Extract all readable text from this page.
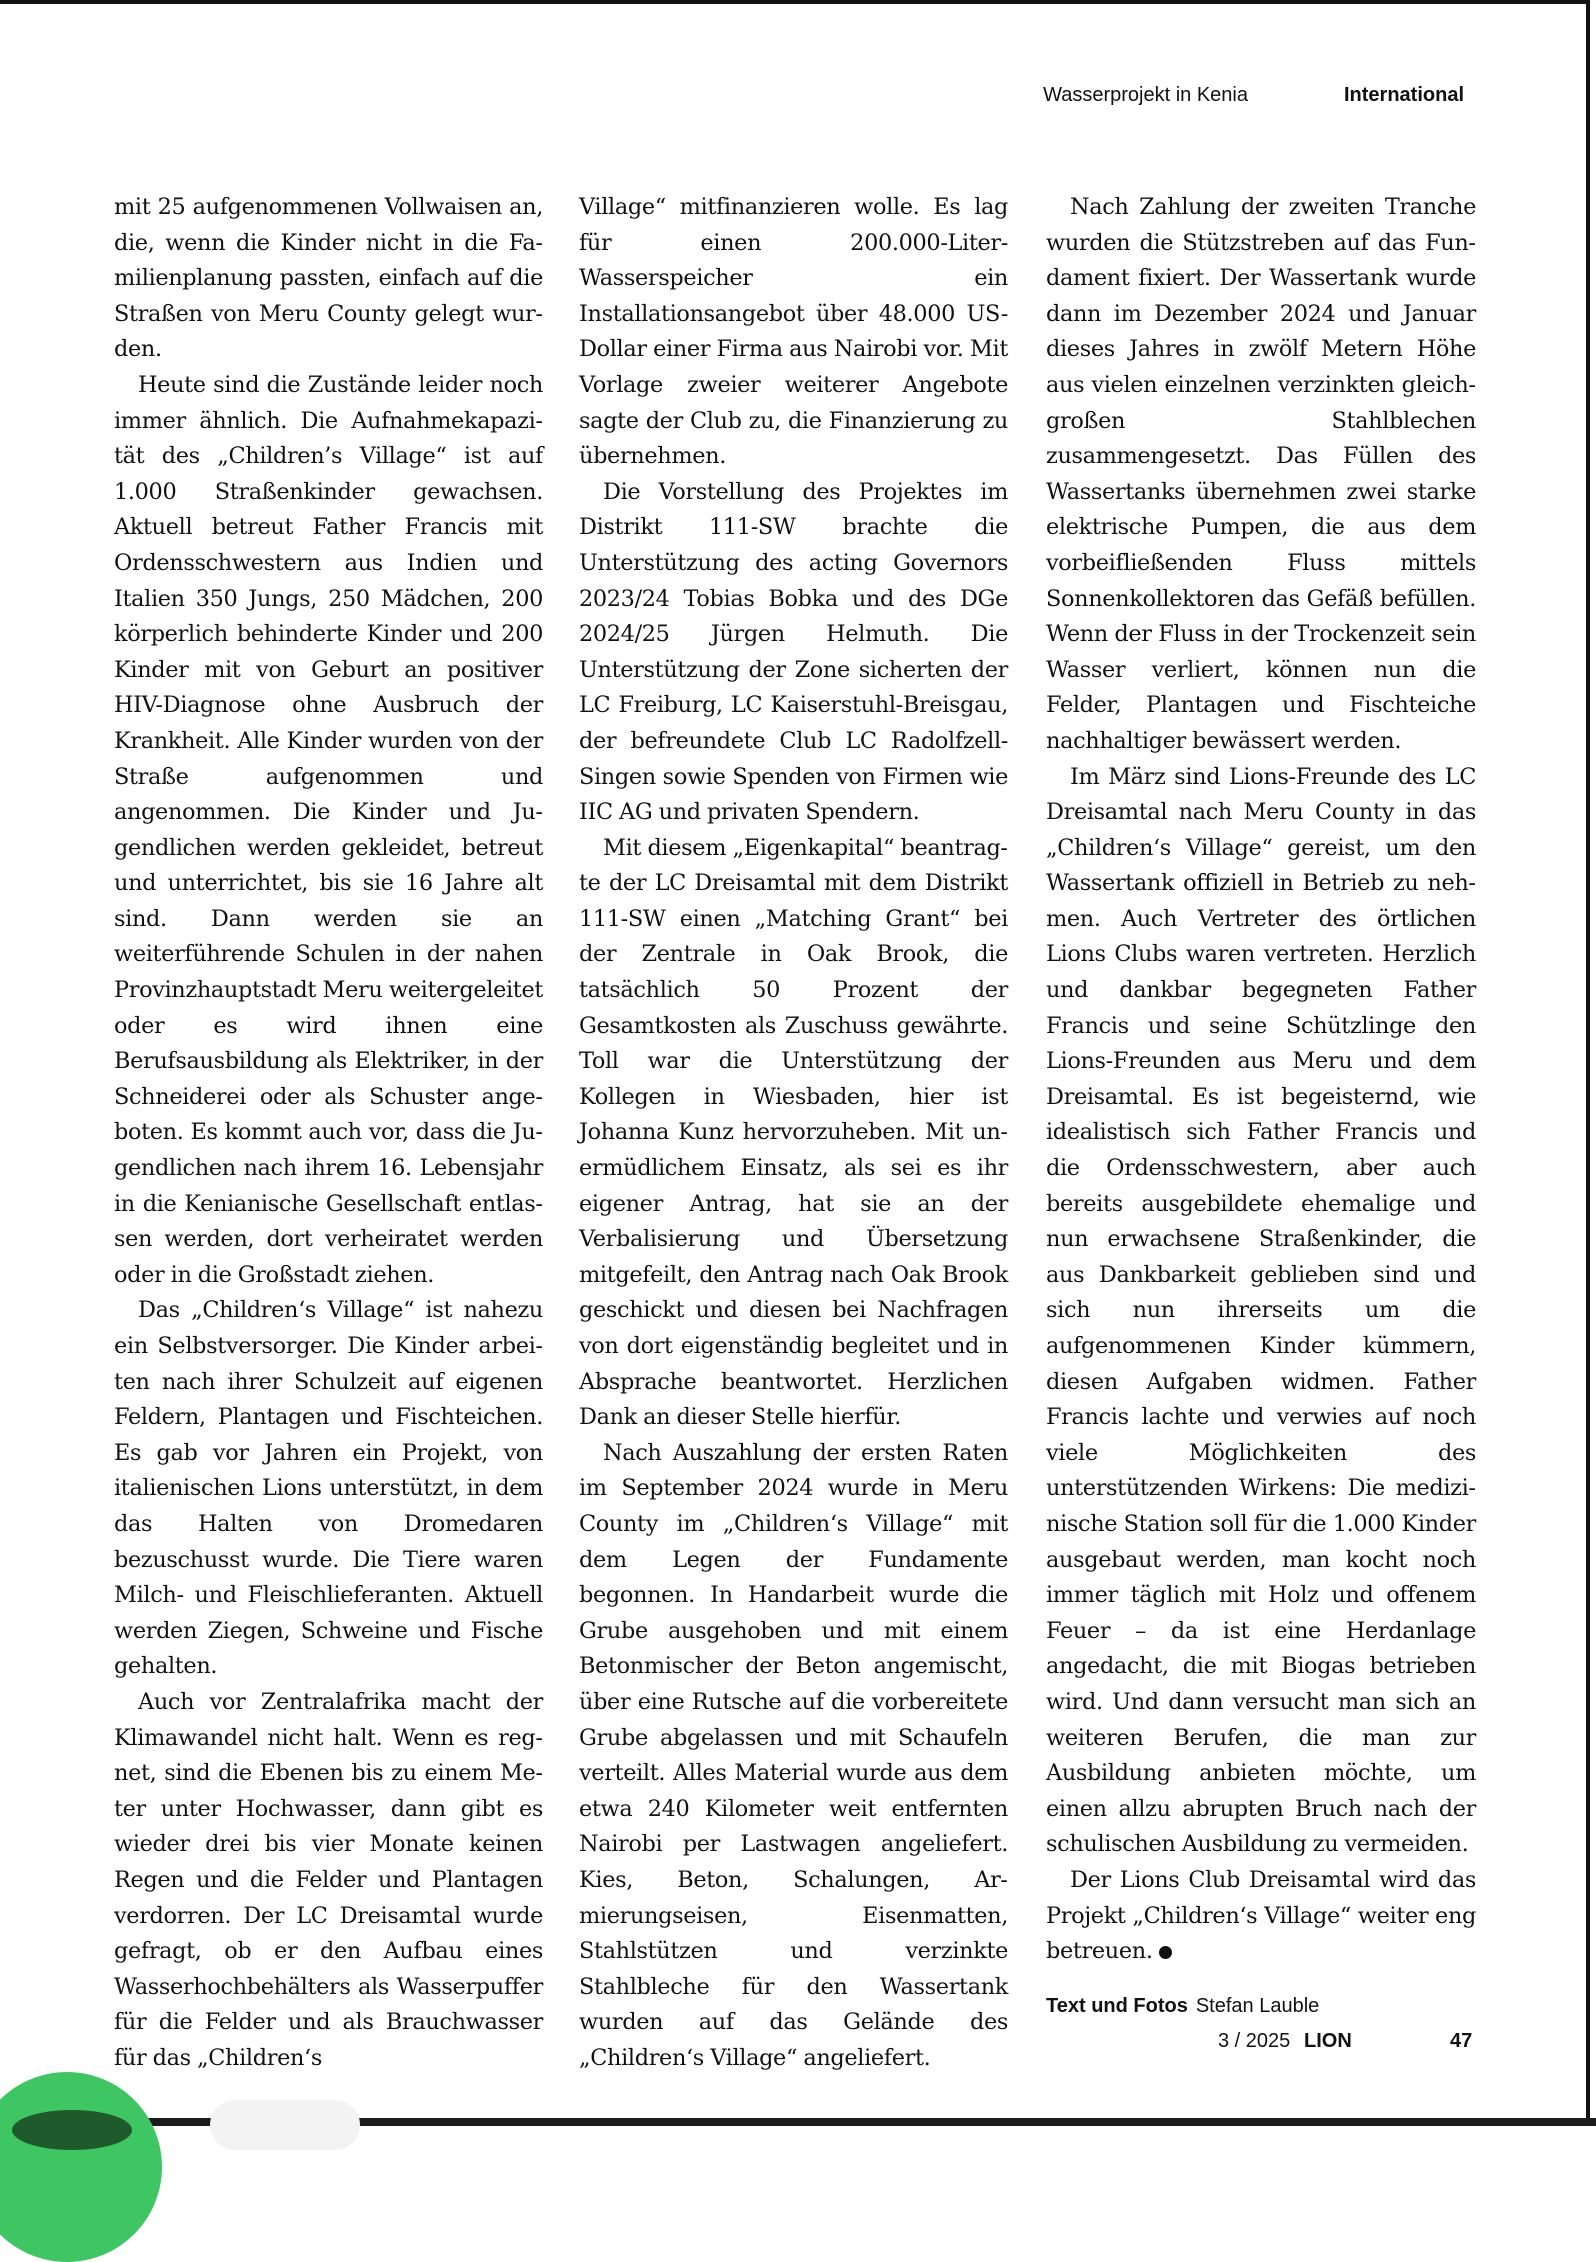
Wasserprojekt in Kenia	International

mit 25 aufgenommenen Vollwaisen an, die, wenn die Kinder nicht in die Familienplanung passten, einfach auf die Straßen von Meru County gelegt wurden.

Heute sind die Zustände leider noch immer ähnlich. Die Aufnahmekapazität des „Children’s Village“ ist auf 1.000 Straßenkinder gewachsen. Aktuell betreut Father Francis mit Ordensschwestern aus Indien und Italien 350 Jungs, 250 Mädchen, 200 körperlich behinderte Kinder und 200 Kinder mit von Geburt an positiver HIV-Diagnose ohne Ausbruch der Krankheit. Alle Kinder wurden von der Straße aufgenommen und angenommen. Die Kinder und Jugendlichen werden gekleidet, betreut und unterrichtet, bis sie 16 Jahre alt sind. Dann werden sie an weiterführende Schulen in der nahen Provinzhauptstadt Meru weitergeleitet oder es wird ihnen eine Berufsausbildung als Elektriker, in der Schneiderei oder als Schuster angeboten. Es kommt auch vor, dass die Jugendlichen nach ihrem 16. Lebensjahr in die Kenianische Gesellschaft entlassen werden, dort verheiratet werden oder in die Großstadt ziehen.

Das „Children‘s Village“ ist nahezu ein Selbstversorger. Die Kinder arbeiten nach ihrer Schulzeit auf eigenen Feldern, Plantagen und Fischteichen. Es gab vor Jahren ein Projekt, von italienischen Lions unterstützt, in dem das Halten von Dromedaren bezuschusst wurde. Die Tiere waren Milch- und Fleischlieferanten. Aktuell werden Ziegen, Schweine und Fische gehalten.

Auch vor Zentralafrika macht der Klimawandel nicht halt. Wenn es regnet, sind die Ebenen bis zu einem Meter unter Hochwasser, dann gibt es wieder drei bis vier Monate keinen Regen und die Felder und Plantagen verdorren. Der LC Dreisamtal wurde gefragt, ob er den Aufbau eines Wasserhochbehälters als Wasserpuffer für die Felder und als Brauchwasser für das „Children‘s

Village“ mitfinanzieren wolle. Es lag für einen 200.000-Liter-Wasserspeicher ein Installationsangebot über 48.000 US-Dollar einer Firma aus Nairobi vor. Mit Vorlage zweier weiterer Angebote sagte der Club zu, die Finanzierung zu übernehmen.

Die Vorstellung des Projektes im Distrikt 111-SW brachte die Unterstützung des acting Governors 2023/24 Tobias Bobka und des DGe 2024/25 Jürgen Helmuth. Die Unterstützung der Zone sicherten der LC Freiburg, LC Kaiserstuhl-Breisgau, der befreundete Club LC Radolfzell-Singen sowie Spenden von Firmen wie IIC AG und privaten Spendern.

Mit diesem „Eigenkapital“ beantragte der LC Dreisamtal mit dem Distrikt 111-SW einen „Matching Grant“ bei der Zentrale in Oak Brook, die tatsächlich 50 Prozent der Gesamtkosten als Zuschuss gewährte. Toll war die Unterstützung der Kollegen in Wiesbaden, hier ist Johanna Kunz hervorzuheben. Mit unermüdlichem Einsatz, als sei es ihr eigener Antrag, hat sie an der Verbalisierung und Übersetzung mitgefeilt, den Antrag nach Oak Brook geschickt und diesen bei Nachfragen von dort eigenständig begleitet und in Absprache beantwortet. Herzlichen Dank an dieser Stelle hierfür.

Nach Auszahlung der ersten Raten im September 2024 wurde in Meru County im „Children‘s Village“ mit dem Legen der Fundamente begonnen. In Handarbeit wurde die Grube ausgehoben und mit einem Betonmischer der Beton angemischt, über eine Rutsche auf die vorbereitete Grube abgelassen und mit Schaufeln verteilt. Alles Material wurde aus dem etwa 240 Kilometer weit entfernten Nairobi per Lastwagen angeliefert. Kies, Beton, Schalungen, Armierungseisen, Eisenmatten, Stahlstützen und verzinkte Stahlbleche für den Wassertank wurden auf das Gelände des „Children‘s Village“ angeliefert.

Nach Zahlung der zweiten Tranche wurden die Stützstreben auf das Fundament fixiert. Der Wassertank wurde dann im Dezember 2024 und Januar dieses Jahres in zwölf Metern Höhe aus vielen einzelnen verzinkten gleichgroßen Stahlblechen zusammengesetzt. Das Füllen des Wassertanks übernehmen zwei starke elektrische Pumpen, die aus dem vorbeifließenden Fluss mittels Sonnenkollektoren das Gefäß befüllen. Wenn der Fluss in der Trockenzeit sein Wasser verliert, können nun die Felder, Plantagen und Fischteiche nachhaltiger bewässert werden.

Im März sind Lions-Freunde des LC Dreisamtal nach Meru County in das „Children‘s Village“ gereist, um den Wassertank offiziell in Betrieb zu nehmen. Auch Vertreter des örtlichen Lions Clubs waren vertreten. Herzlich und dankbar begegneten Father Francis und seine Schützlinge den Lions-Freunden aus Meru und dem Dreisamtal. Es ist begeisternd, wie idealistisch sich Father Francis und die Ordensschwestern, aber auch bereits ausgebildete ehemalige und nun erwachsene Straßenkinder, die aus Dankbarkeit geblieben sind und sich nun ihrerseits um die aufgenommenen Kinder kümmern, diesen Aufgaben widmen. Father Francis lachte und verwies auf noch viele Möglichkeiten des unterstützenden Wirkens: Die medizinische Station soll für die 1.000 Kinder ausgebaut werden, man kocht noch immer täglich mit Holz und offenem Feuer – da ist eine Herdanlage angedacht, die mit Biogas betrieben wird. Und dann versucht man sich an weiteren Berufen, die man zur Ausbildung anbieten möchte, um einen allzu abrupten Bruch nach der schulischen Ausbildung zu vermeiden.

Der Lions Club Dreisamtal wird das Projekt „Children‘s Village“ weiter eng betreuen.

Text und Fotos Stefan Lauble
3 / 2025 LION	47
